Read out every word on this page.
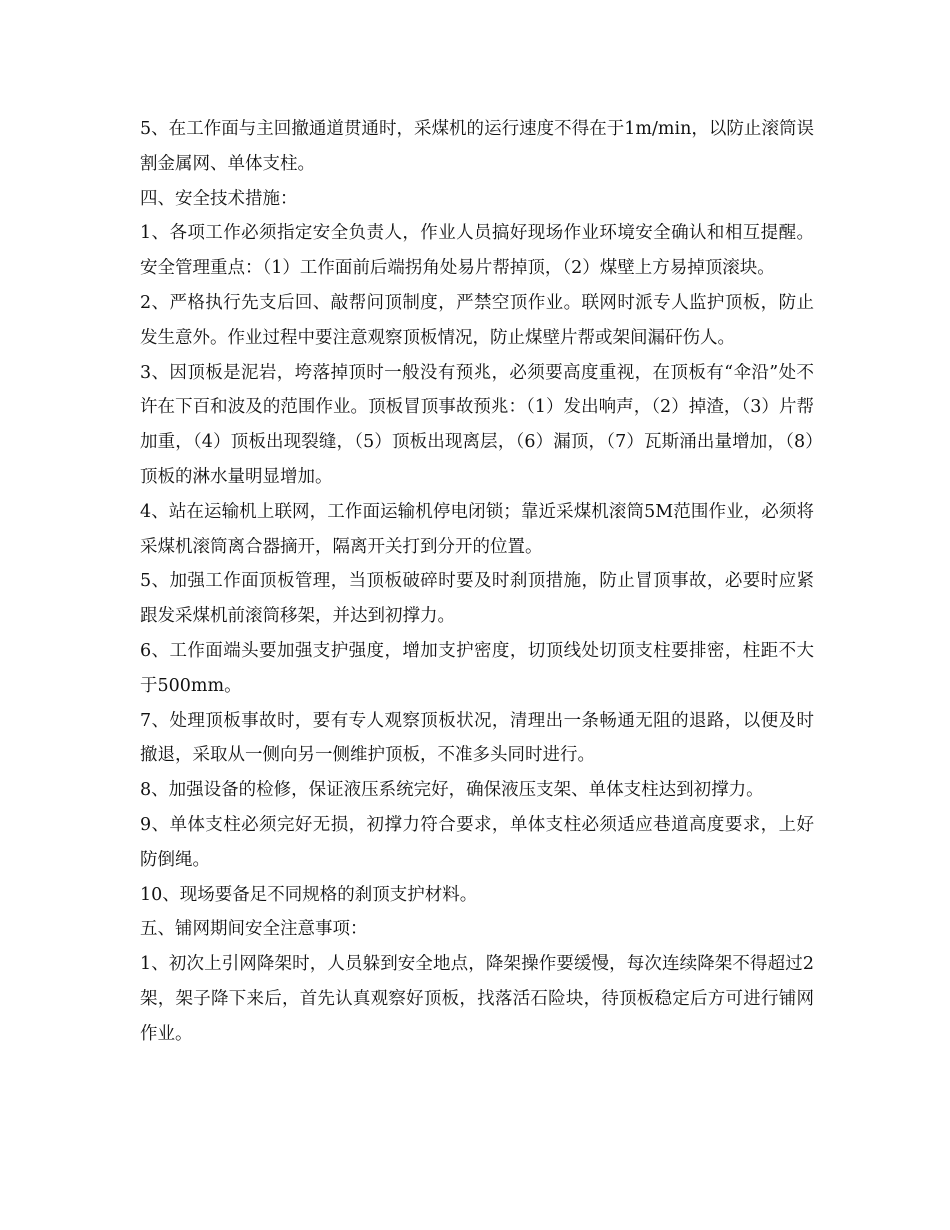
5、在工作面与主回撤通道贯通时，采煤机的运行速度不得在于1m/min，以防止滚筒误割金属网、单体支柱。

四、安全技术措施：

1、各项工作必须指定安全负责人，作业人员搞好现场作业环境安全确认和相互提醒。安全管理重点：（1）工作面前后端拐角处易片帮掉顶，（2）煤壁上方易掉顶滚块。

2、严格执行先支后回、敲帮问顶制度，严禁空顶作业。联网时派专人监护顶板，防止发生意外。作业过程中要注意观察顶板情况，防止煤壁片帮或架间漏矸伤人。

3、因顶板是泥岩，垮落掉顶时一般没有预兆，必须要高度重视，在顶板有“伞沿”处不许在下百和波及的范围作业。顶板冒顶事故预兆：（1）发出响声，（2）掉渣，（3）片帮加重，（4）顶板出现裂缝，（5）顶板出现离层，（6）漏顶，（7）瓦斯涌出量增加，（8）顶板的淋水量明显增加。

4、站在运输机上联网，工作面运输机停电闭锁；靠近采煤机滚筒5M范围作业，必须将采煤机滚筒离合器摘开，隔离开关打到分开的位置。

5、加强工作面顶板管理，当顶板破碎时要及时刹顶措施，防止冒顶事故，必要时应紧跟发采煤机前滚筒移架，并达到初撑力。

6、工作面端头要加强支护强度，增加支护密度，切顶线处切顶支柱要排密，柱距不大于500mm。

7、处理顶板事故时，要有专人观察顶板状况，清理出一条畅通无阻的退路，以便及时撤退，采取从一侧向另一侧维护顶板，不准多头同时进行。

8、加强设备的检修，保证液压系统完好，确保液压支架、单体支柱达到初撑力。

9、单体支柱必须完好无损，初撑力符合要求，单体支柱必须适应巷道高度要求，上好防倒绳。

10、现场要备足不同规格的刹顶支护材料。

五、铺网期间安全注意事项：

1、初次上引网降架时，人员躲到安全地点，降架操作要缓慢，每次连续降架不得超过2架，架子降下来后，首先认真观察好顶板，找落活石险块，待顶板稳定后方可进行铺网作业。
